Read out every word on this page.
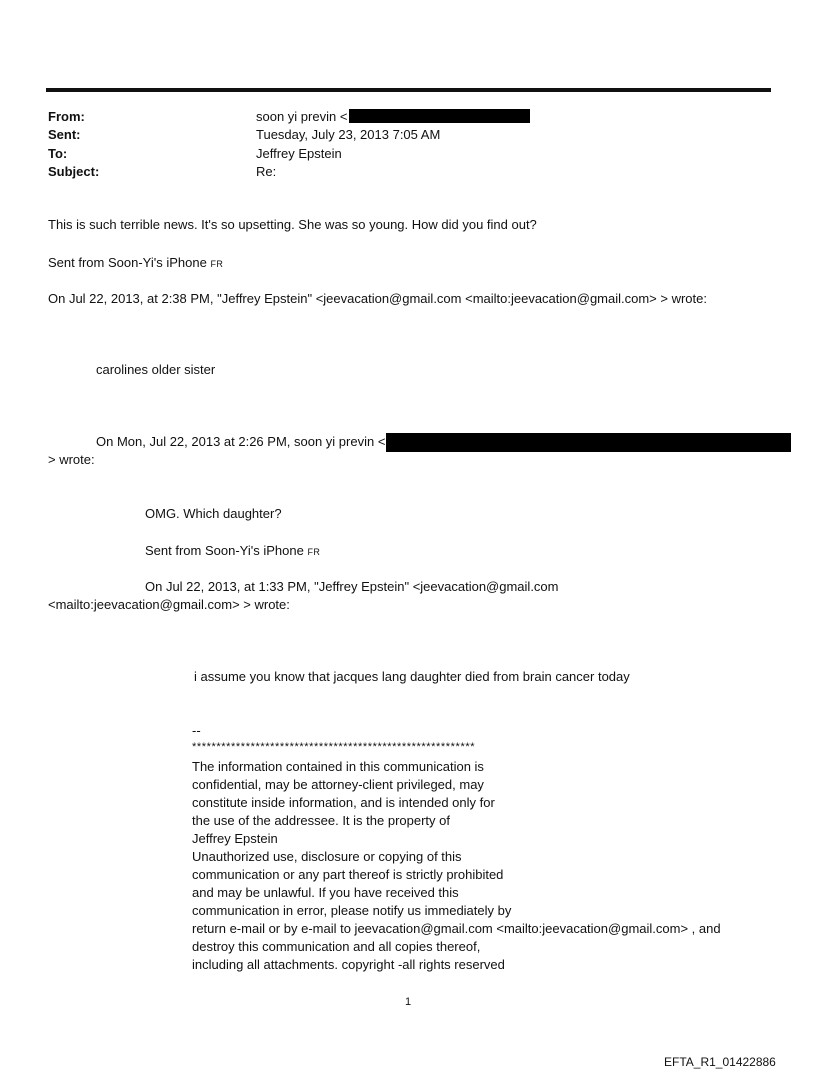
From:	soon yi previn <
Sent:	Tuesday, July 23, 2013 7:05 AM
To:	Jeffrey Epstein
Subject:	Re:
This is such terrible news. It's so upsetting. She was so young. How did you find out?
Sent from Soon-Yi's iPhone FR
On Jul 22, 2013, at 2:38 PM, "Jeffrey Epstein" <jeevacation@gmail.com <mailto:jeevacation@gmail.com> > wrote:
carolines older sister
On Mon, Jul 22, 2013 at 2:26 PM, soon yi previn <
> wrote:
OMG. Which daughter?
Sent from Soon-Yi's iPhone FR
On Jul 22, 2013, at 1:33 PM, "Jeffrey Epstein" <jeevacation@gmail.com
<mailto:jeevacation@gmail.com> > wrote:
i assume you know that jacques lang daughter died from brain cancer today
--
**********************************************************
The information contained in this communication is
confidential, may be attorney-client privileged, may
constitute inside information, and is intended only for
the use of the addressee. It is the property of
Jeffrey Epstein
Unauthorized use, disclosure or copying of this
communication or any part thereof is strictly prohibited
and may be unlawful. If you have received this
communication in error, please notify us immediately by
return e-mail or by e-mail to jeevacation@gmail.com <mailto:jeevacation@gmail.com> , and
destroy this communication and all copies thereof,
including all attachments. copyright -all rights reserved
1
EFTA_R1_01422886
